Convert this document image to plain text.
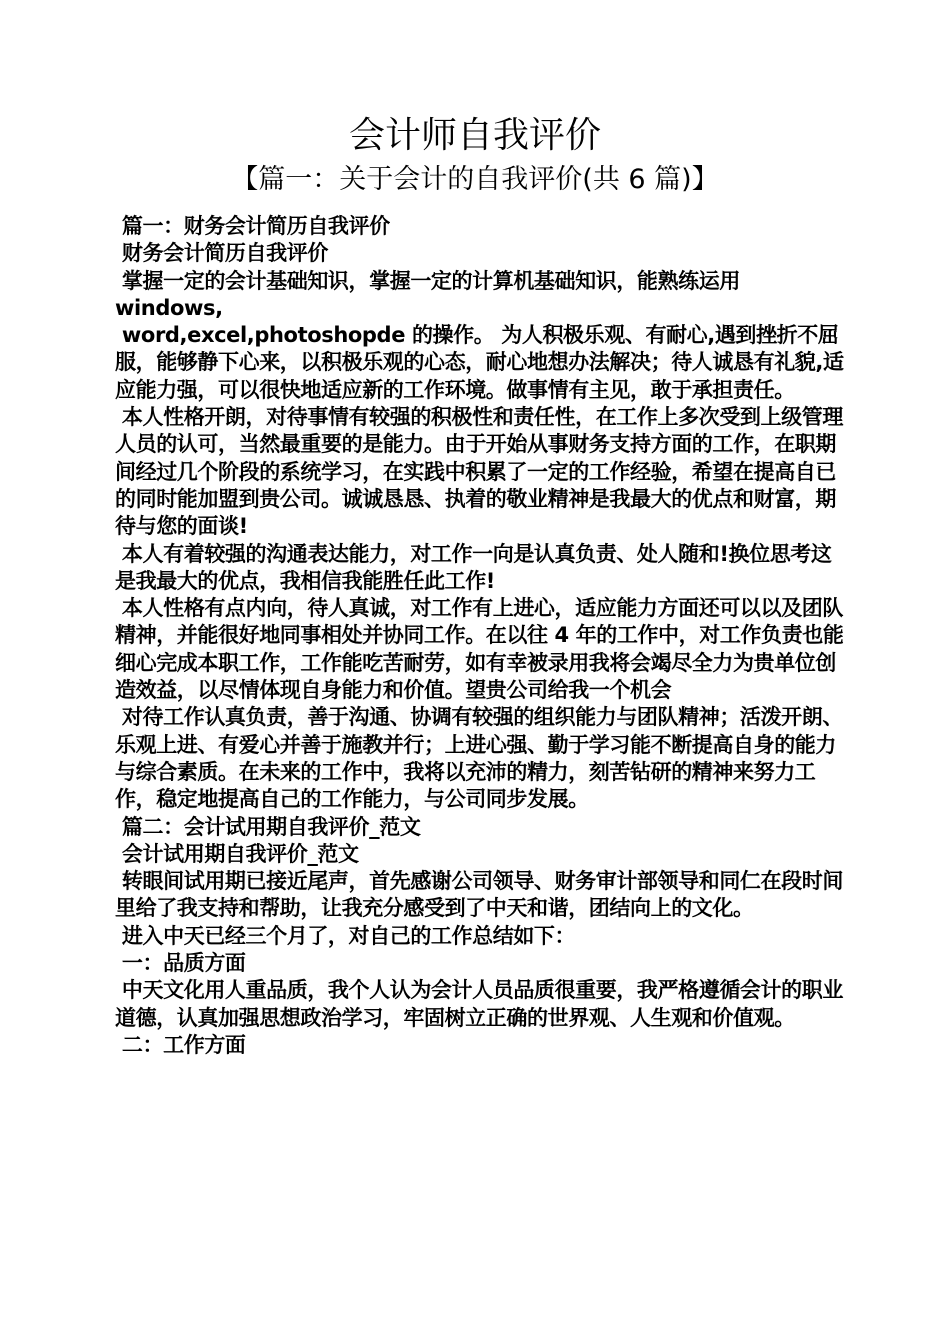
会计师自我评价
【篇一：关于会计的自我评价(共 6 篇)】

篇一：财务会计简历自我评价

财务会计简历自我评价

掌握一定的会计基础知识，掌握一定的计算机基础知识，能熟练运用 windows,

word,excel,photoshopde 的操作。 为人积极乐观、有耐心,遇到挫折不屈服，能够静下心来，以积极乐观的心态，耐心地想办法解决；待人诚恳有礼貌,适应能力强，可以很快地适应新的工作环境。做事情有主见，敢于承担责任。

本人性格开朗，对待事情有较强的积极性和责任性，在工作上多次受到上级管理人员的认可，当然最重要的是能力。由于开始从事财务支持方面的工作，在职期间经过几个阶段的系统学习，在实践中积累了一定的工作经验，希望在提高自已的同时能加盟到贵公司。诚诚恳恳、执着的敬业精神是我最大的优点和财富，期待与您的面谈!

本人有着较强的沟通表达能力，对工作一向是认真负责、处人随和!换位思考这是我最大的优点，我相信我能胜任此工作!

本人性格有点内向，待人真诚，对工作有上进心，适应能力方面还可以以及团队精神，并能很好地同事相处并协同工作。在以往 4 年的工作中，对工作负责也能细心完成本职工作，工作能吃苦耐劳，如有幸被录用我将会竭尽全力为贵单位创造效益，以尽情体现自身能力和价值。望贵公司给我一个机会

对待工作认真负责，善于沟通、协调有较强的组织能力与团队精神；活泼开朗、乐观上进、有爱心并善于施教并行；上进心强、勤于学习能不断提高自身的能力与综合素质。在未来的工作中，我将以充沛的精力，刻苦钻研的精神来努力工作，稳定地提高自己的工作能力，与公司同步发展。

篇二：会计试用期自我评价_范文

会计试用期自我评价_范文

转眼间试用期已接近尾声，首先感谢公司领导、财务审计部领导和同仁在段时间里给了我支持和帮助，让我充分感受到了中天和谐，团结向上的文化。

进入中天已经三个月了，对自己的工作总结如下：

一：品质方面

中天文化用人重品质，我个人认为会计人员品质很重要，我严格遵循会计的职业道德，认真加强思想政治学习，牢固树立正确的世界观、人生观和价值观。

二：工作方面
